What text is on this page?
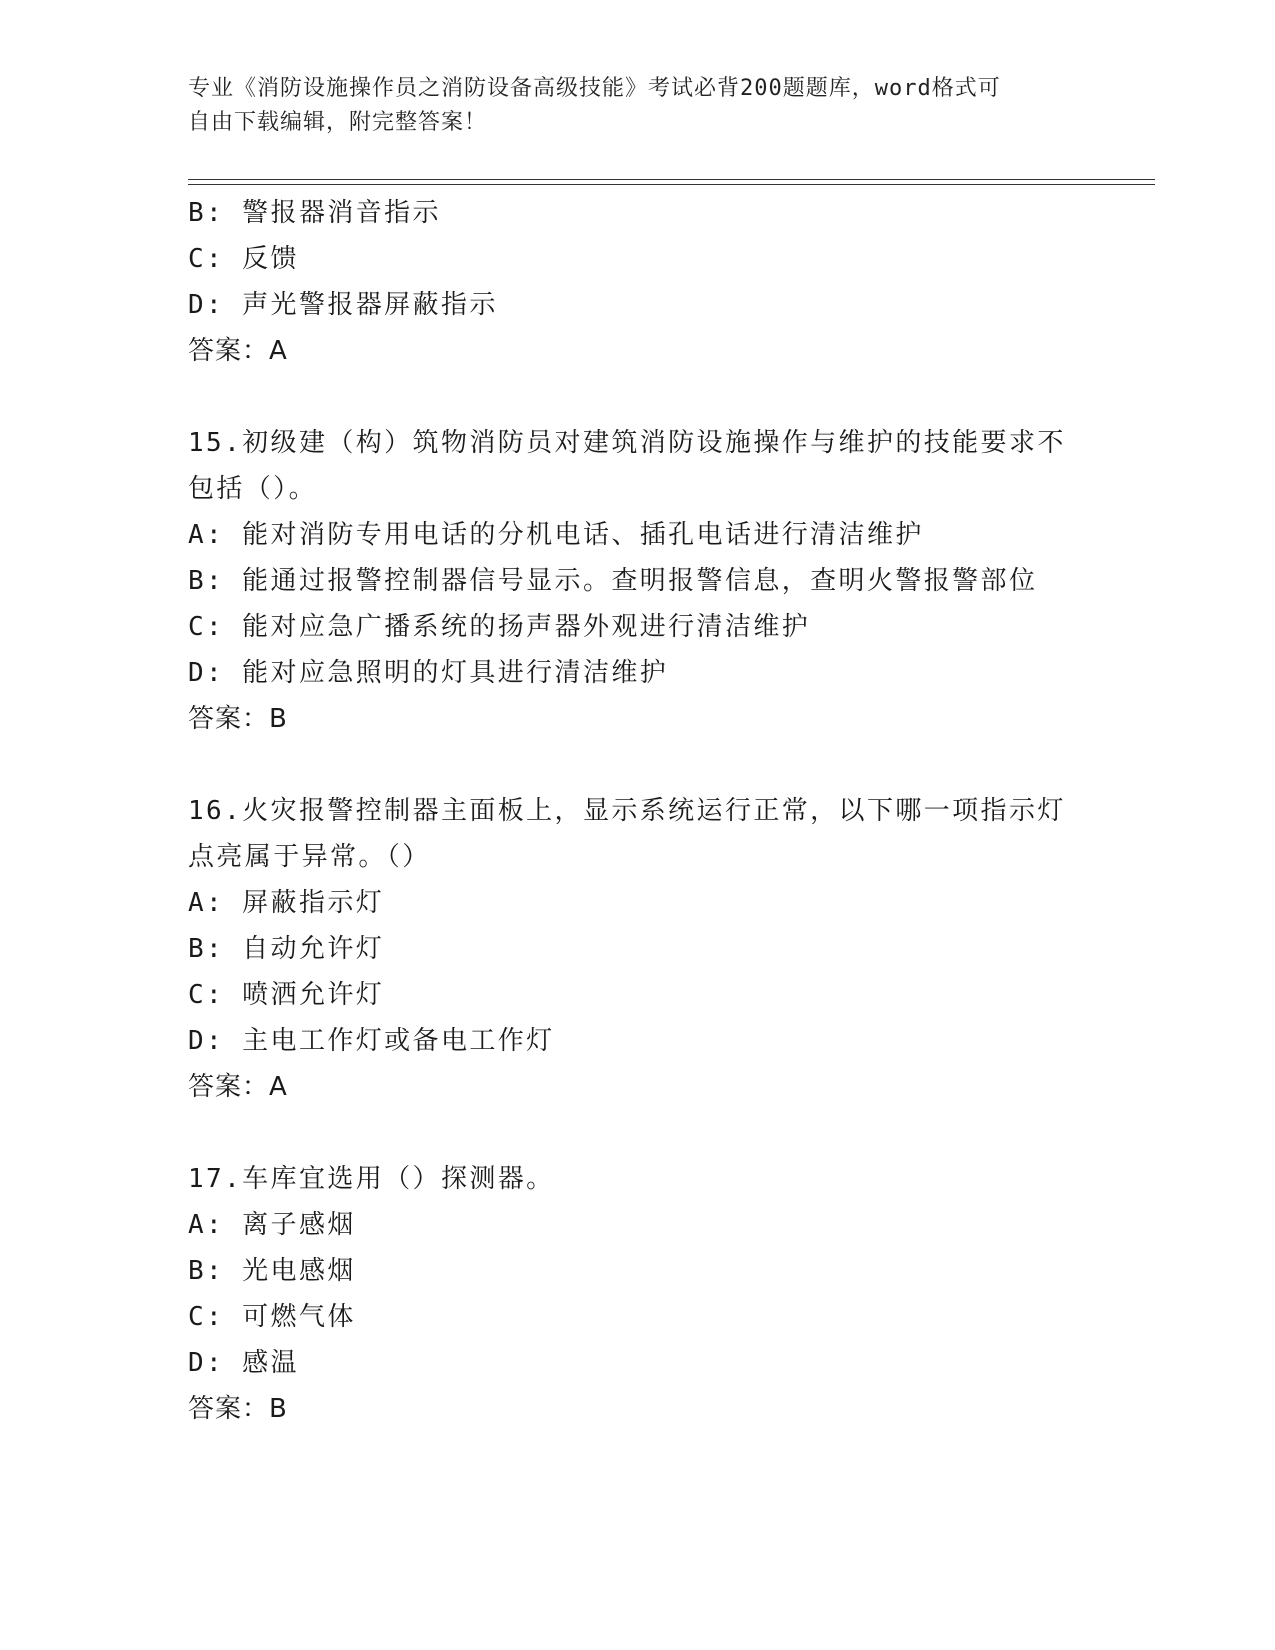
专业《消防设施操作员之消防设备高级技能》考试必背200题题库，word格式可
自由下载编辑，附完整答案！
B: 警报器消音指示
C: 反馈
D: 声光警报器屏蔽指示
答案：A
15.初级建（构）筑物消防员对建筑消防设施操作与维护的技能要求不
包括（）。
A: 能对消防专用电话的分机电话、插孔电话进行清洁维护
B: 能通过报警控制器信号显示。查明报警信息，查明火警报警部位
C: 能对应急广播系统的扬声器外观进行清洁维护
D: 能对应急照明的灯具进行清洁维护
答案：B
16.火灾报警控制器主面板上，显示系统运行正常，以下哪一项指示灯
点亮属于异常。（）
A: 屏蔽指示灯
B: 自动允许灯
C: 喷洒允许灯
D: 主电工作灯或备电工作灯
答案：A
17.车库宜选用（）探测器。
A: 离子感烟
B: 光电感烟
C: 可燃气体
D: 感温
答案：B
